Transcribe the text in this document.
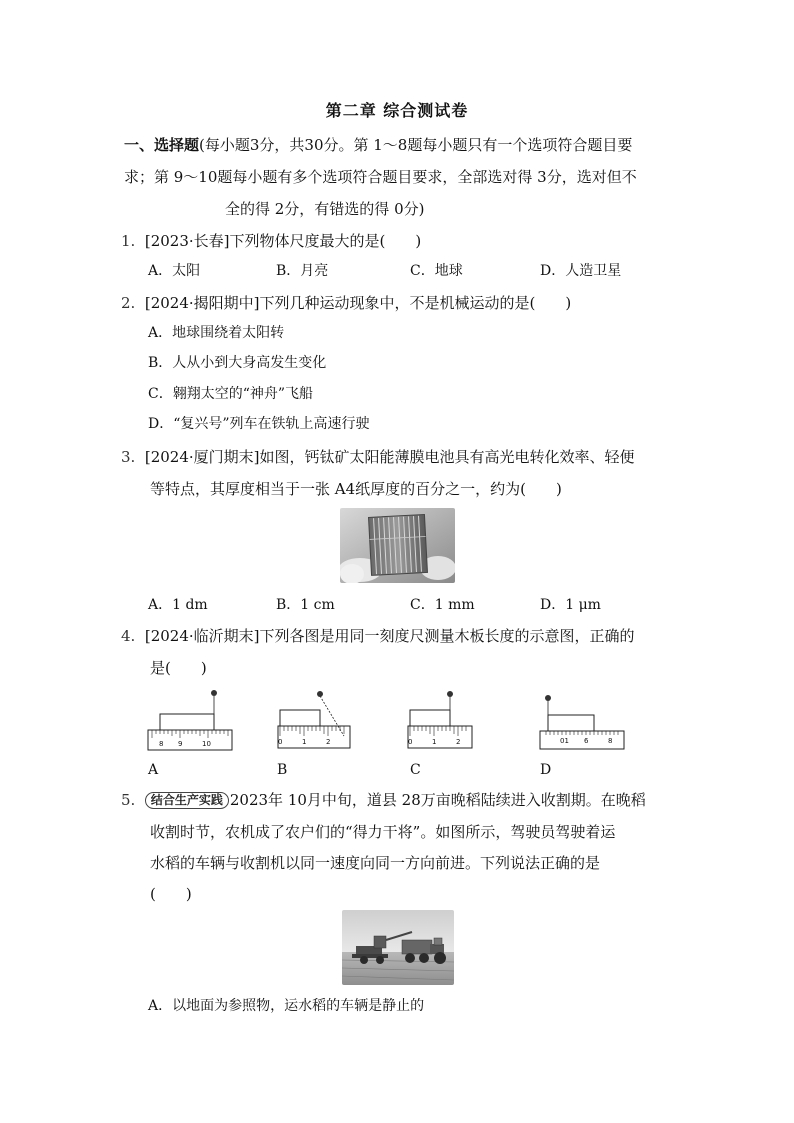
第二章 综合测试卷
一、选择题(每小题3分，共30分。第 1～8题每小题只有一个选项符合题目要
求；第 9～10题每小题有多个选项符合题目要求，全部选对得 3分，选对但不
全的得 2分，有错选的得 0分)
1. [2023·长春]下列物体尺度最大的是(　　)
A．太阳	B．月亮	C．地球	D．人造卫星
2. [2024·揭阳期中]下列几种运动现象中，不是机械运动的是(　　)
A．地球围绕着太阳转
B．人从小到大身高发生变化
C．翱翔太空的“神舟”飞船
D．“复兴号”列车在铁轨上高速行驶
3. [2024·厦门期末]如图，钙钛矿太阳能薄膜电池具有高光电转化效率、轻便
等特点，其厚度相当于一张 A4纸厚度的百分之一，约为(　　)
A．1 dm	B．1 cm	C．1 mm	D．1 μm
4. [2024·临沂期末]下列各图是用同一刻度尺测量木板长度的示意图，正确的
是(　　)
8 9	10	0	1	2	0	1	2	01 6	8
A	B	C	D
5. 结合生产实践 2023年 10月中旬，道县 28万亩晚稻陆续进入收割期。在晚稻
收割时节，农机成了农户们的“得力干将”。如图所示，驾驶员驾驶着运
水稻的车辆与收割机以同一速度向同一方向前进。下列说法正确的是
(　　)
A．以地面为参照物，运水稻的车辆是静止的
